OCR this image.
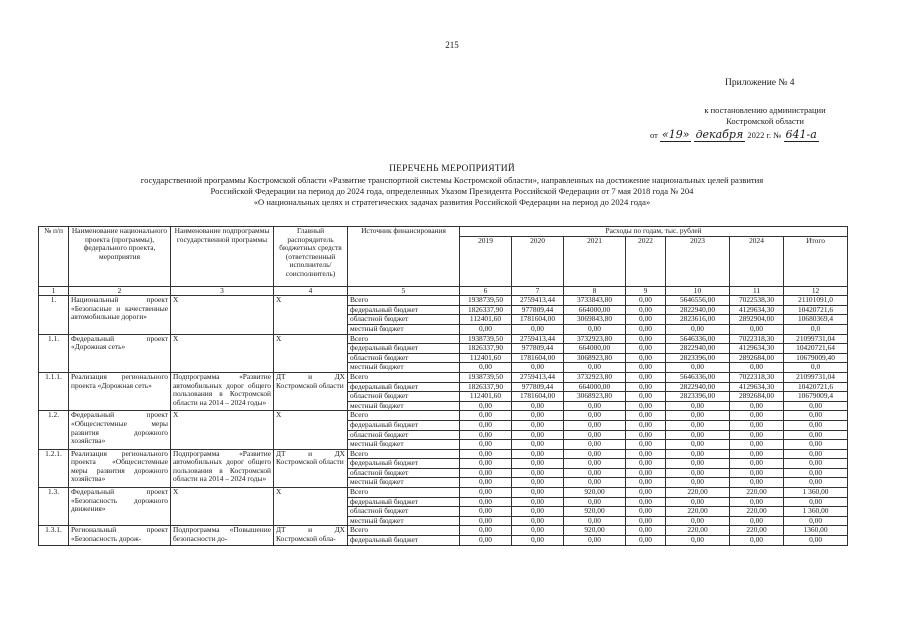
215
Приложение № 4
к постановлению администрации
Костромской области
от «19» декабря 2022 г. № 641-а
ПЕРЕЧЕНЬ МЕРОПРИЯТИЙ
государственной программы Костромской области «Развитие транспортной системы Костромской области», направленных на достижение национальных целей развития
Российской Федерации на период до 2024 года, определенных Указом Президента Российской Федерации от 7 мая 2018 года № 204
«О национальных целях и стратегических задачах развития Российской Федерации на период до 2024 года»
№ п/п	Наименование национального проекта (программы), федерального проекта, мероприятия	Наименование подпрограммы государственной программы	Главный распорядитель бюджетных средств (ответственный исполнитель/ соисполнитель)	Источник финансирования	Расходы по годам, тыс. рублей						
					2019	2020	2021	2022	2023	2024	Итого
1	2	3	4	5	6	7	8	9	10	11	12
1.	Национальный проект «Безопасные и качественные автомобильные дороги»	Х	Х	Всего	1938739,50	2759413,44	3733843,80	0,00	5646556,00	7022538,30	21101091,0
				федеральный бюджет	1826337,90	977809,44	664000,00	0,00	2822940,00	4129634,30	10420721,6
				областной бюджет	112401,60	1781604,00	3069843,80	0,00	2823616,00	2892904,00	10680369,4
				местный бюджет	0,00	0,00	0,00	0,00	0,00	0,00	0,0
1.1.	Федеральный проект «Дорожная сеть»	Х	Х	Всего	1938739,50	2759413,44	3732923,80	0,00	5646336,00	7022318,30	21099731,04
				федеральный бюджет	1826337,90	977809,44	664000,00	0,00	2822940,00	4129634,30	10420721,64
				областной бюджет	112401,60	1781604,00	3068923,80	0,00	2823396,00	2892684,00	10679009,40
				местный бюджет	0,00	0,00	0,00	0,00	0,00	0,00	0,0
1.1.1.	Реализация регионального проекта «Дорожная сеть»	Подпрограмма «Развитие автомобильных дорог общего пользования в Костромской области на 2014 – 2024 годы»	ДТ и ДХ Костромской области	Всего	1938739,50	2759413,44	3732923,80	0,00	5646336,00	7022318,30	21099731,04
				федеральный бюджет	1826337,90	977809,44	664000,00	0,00	2822940,00	4129634,30	10420721,6
				областной бюджет	112401,60	1781604,00	3068923,80	0,00	2823396,00	2892684,00	10679009,4
				местный бюджет	0,00	0,00	0,00	0,00	0,00	0,00	0,00
1.2.	Федеральный проект «Общесистемные меры развития дорожного хозяйства»	Х	Х	Всего	0,00	0,00	0,00	0,00	0,00	0,00	0,00
				федеральный бюджет	0,00	0,00	0,00	0,00	0,00	0,00	0,00
				областной бюджет	0,00	0,00	0,00	0,00	0,00	0,00	0,00
				местный бюджет	0,00	0,00	0,00	0,00	0,00	0,00	0,00
1.2.1.	Реализация регионального проекта «Общесистемные меры развития дорожного хозяйства»	Подпрограмма «Развитие автомобильных дорог общего пользования в Костромской области на 2014 – 2024 годы»	ДТ и ДХ Костромской области	Всего	0,00	0,00	0,00	0,00	0,00	0,00	0,00
				федеральный бюджет	0,00	0,00	0,00	0,00	0,00	0,00	0,00
				областной бюджет	0,00	0,00	0,00	0,00	0,00	0,00	0,00
				местный бюджет	0,00	0,00	0,00	0,00	0,00	0,00	0,00
1.3.	Федеральный проект «Безопасность дорожного движения»	Х	Х	Всего	0,00	0,00	920,00	0,00	220,00	220,00	1 360,00
				федеральный бюджет	0,00	0,00	0,00	0,00	0,00	0,00	0,00
				областной бюджет	0,00	0,00	920,00	0,00	220,00	220,00	1 360,00
				местный бюджет	0,00	0,00	0,00	0,00	0,00	0,00	0,00
1.3.1.	Региональный проект «Безопасность дорож-	Подпрограмма «Повышение безопасности до-	ДТ и ДХ Костромской обла-	Всего	0,00	0,00	920,00	0,00	220,00	220,00	1360,00
				федеральный бюджет	0,00	0,00	0,00	0,00	0,00	0,00	0,00
